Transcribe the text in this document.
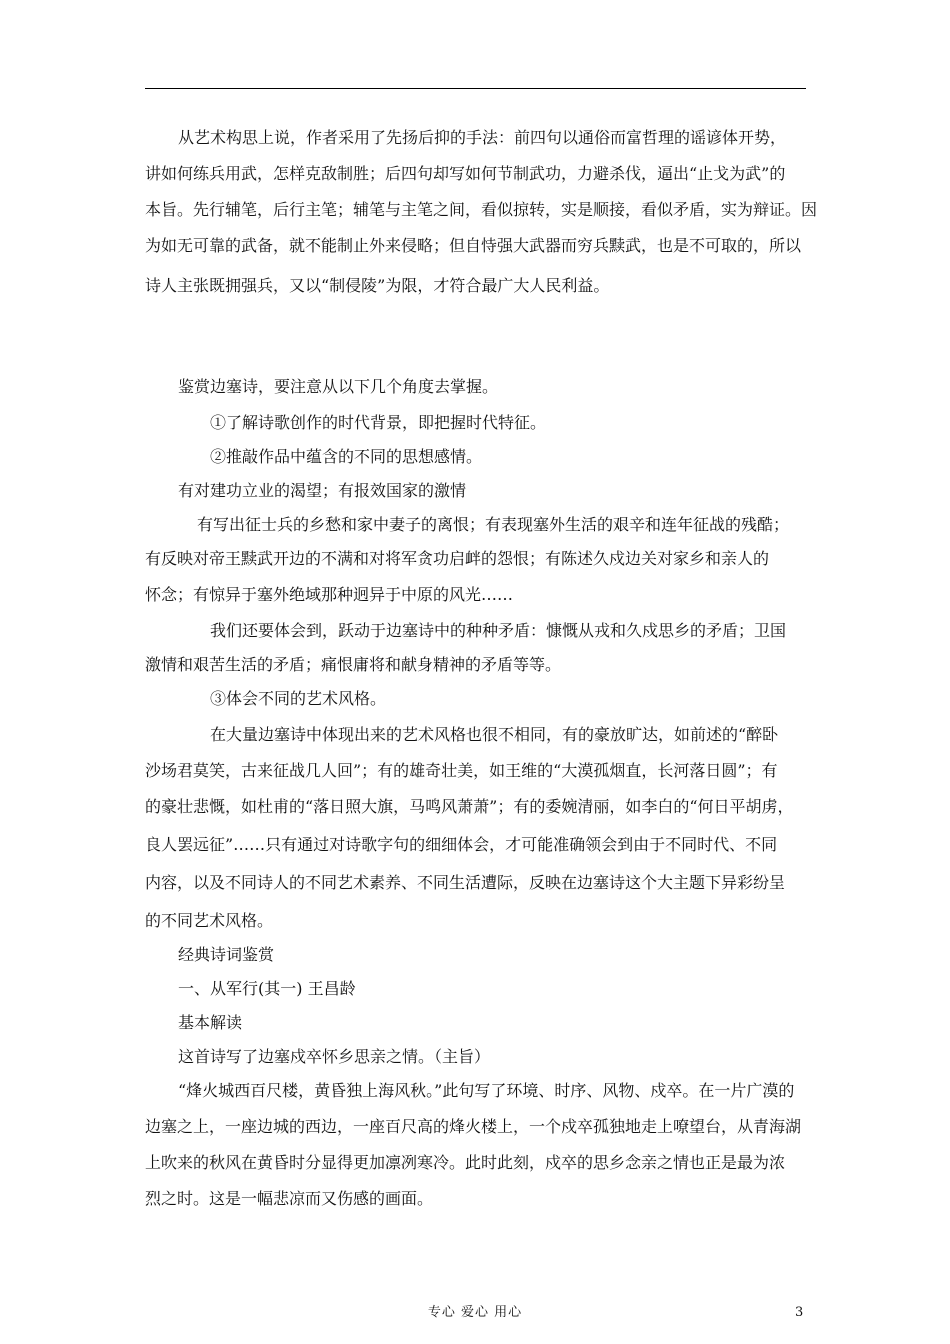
从艺术构思上说，作者采用了先扬后抑的手法：前四句以通俗而富哲理的谣谚体开势，
讲如何练兵用武，怎样克敌制胜；后四句却写如何节制武功，力避杀伐，逼出“止戈为武”的
本旨。先行辅笔，后行主笔；辅笔与主笔之间，看似掠转，实是顺接，看似矛盾，实为辩证。因
为如无可靠的武备，就不能制止外来侵略；但自恃强大武器而穷兵黩武，也是不可取的，所以
诗人主张既拥强兵，又以“制侵陵”为限，才符合最广大人民利益。
鉴赏边塞诗，要注意从以下几个角度去掌握。
①了解诗歌创作的时代背景，即把握时代特征。
②推敲作品中蕴含的不同的思想感情。
有对建功立业的渴望；有报效国家的激情
有写出征士兵的乡愁和家中妻子的离恨；有表现塞外生活的艰辛和连年征战的残酷；
有反映对帝王黩武开边的不满和对将军贪功启衅的怨恨；有陈述久戍边关对家乡和亲人的
怀念；有惊异于塞外绝域那种迥异于中原的风光……
我们还要体会到，跃动于边塞诗中的种种矛盾：慷慨从戎和久戍思乡的矛盾；卫国
激情和艰苦生活的矛盾；痛恨庸将和献身精神的矛盾等等。
③体会不同的艺术风格。
在大量边塞诗中体现出来的艺术风格也很不相同，有的豪放旷达，如前述的“醉卧
沙场君莫笑，古来征战几人回”；有的雄奇壮美，如王维的“大漠孤烟直，长河落日圆”；有
的豪壮悲慨，如杜甫的“落日照大旗，马鸣风萧萧”；有的委婉清丽，如李白的“何日平胡虏，
良人罢远征”……只有通过对诗歌字句的细细体会，才可能准确领会到由于不同时代、不同
内容，以及不同诗人的不同艺术素养、不同生活遭际，反映在边塞诗这个大主题下异彩纷呈
的不同艺术风格。
经典诗词鉴赏
一、从军行(其一) 王昌龄
基本解读
这首诗写了边塞戍卒怀乡思亲之情。（主旨）
“烽火城西百尺楼，黄昏独上海风秋。”此句写了环境、时序、风物、戍卒。在一片广漠的
边塞之上，一座边城的西边，一座百尺高的烽火楼上，一个戍卒孤独地走上嘹望台，从青海湖
上吹来的秋风在黄昏时分显得更加凛冽寒冷。此时此刻，戍卒的思乡念亲之情也正是最为浓
烈之时。这是一幅悲凉而又伤感的画面。
专心 爱心 用心	3
